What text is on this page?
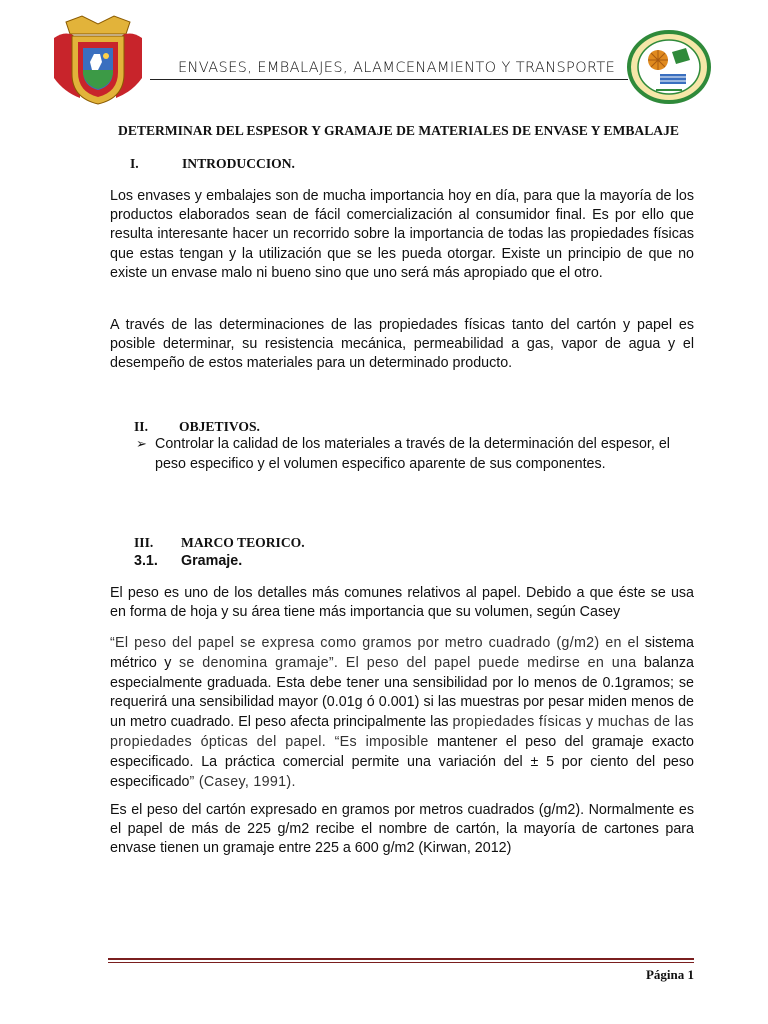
ENVASES, EMBALAJES, ALAMCENAMIENTO Y TRANSPORTE
DETERMINAR DEL ESPESOR Y GRAMAJE DE MATERIALES DE ENVASE Y EMBALAJE
I.	INTRODUCCION.
Los envases y embalajes son de mucha importancia hoy en día, para que la mayoría de los productos elaborados sean de fácil comercialización al consumidor final. Es por ello que resulta interesante hacer un recorrido sobre la importancia de todas las propiedades físicas que estas tengan y la utilización que se les pueda otorgar. Existe un principio de que no existe un envase malo ni bueno sino que uno será más apropiado que el otro.
A través de las determinaciones de las propiedades físicas tanto del cartón y papel es posible determinar, su resistencia mecánica, permeabilidad a gas, vapor de agua y el desempeño de estos materiales para un determinado producto.
II. OBJETIVOS.
➢ Controlar la calidad de los materiales a través de la determinación del espesor, el peso especifico y el volumen especifico aparente de sus componentes.
III. MARCO TEORICO.
3.1. Gramaje.
El peso es uno de los detalles más comunes relativos al papel. Debido a que éste se usa en forma de hoja y su área tiene más importancia que su volumen, según Casey
“El peso del papel se expresa como gramos por metro cuadrado (g/m2) en el sistema métrico y se denomina gramaje”. El peso del papel puede medirse en una balanza especialmente graduada. Esta debe tener una sensibilidad por lo menos de 0.1gramos; se requerirá una sensibilidad mayor (0.01g ó 0.001) si las muestras por pesar miden menos de un metro cuadrado. El peso afecta principalmente las propiedades físicas y muchas de las propiedades ópticas del papel. “Es imposible mantener el peso del gramaje exacto especificado. La práctica comercial permite una variación del ± 5 por ciento del peso especificado” (Casey, 1991).
Es el peso del cartón expresado en gramos por metros cuadrados (g/m2). Normalmente es el papel de más de 225 g/m2 recibe el nombre de cartón, la mayoría de cartones para envase tienen un gramaje entre 225 a 600 g/m2 (Kirwan, 2012)
Página 1
